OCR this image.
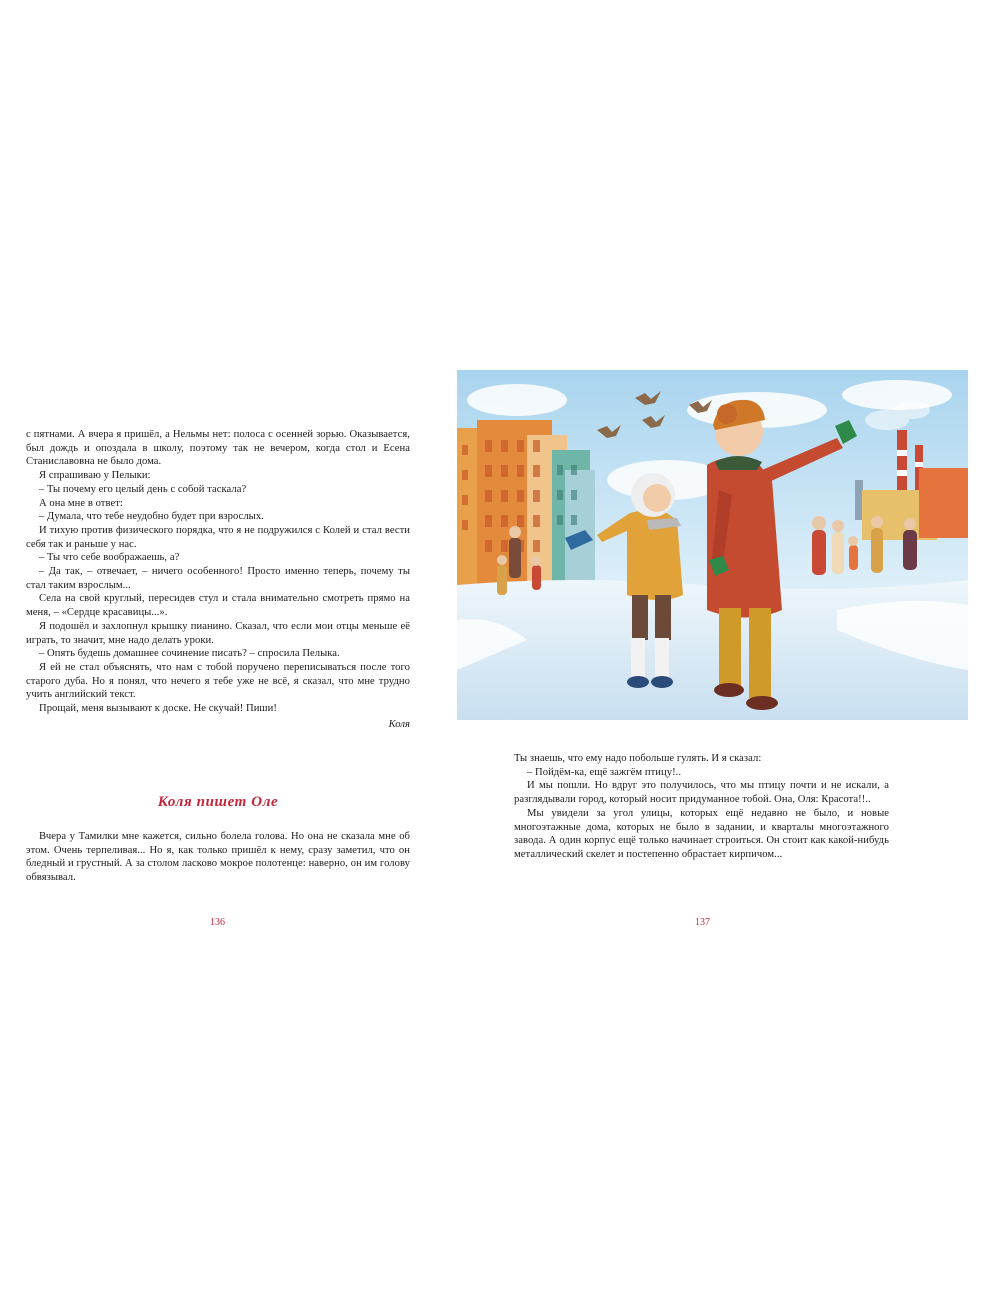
с пятнами. А вчера я пришёл, а Нельмы нет: полоса с осенней зорью. Оказывается, был дождь и опоздала в школу, поэтому так не вечером, когда стол и Есена Станиславовна не было дома.

Я спрашиваю у Пелыки:

– Ты почему его целый день с собой таскала?

А она мне в ответ:

– Думала, что тебе неудобно будет при взрослых.

И тихую против физического порядка, что я не подружился с Колей и стал вести себя так и раньше у нас.

– Ты что себе воображаешь, а?

– Да так, – отвечает, – ничего особенного! Просто именно теперь, почему ты стал таким взрослым...

Села на свой круглый, пересидев стул и стала внимательно смотреть прямо на меня, – «Сердце красавицы...».

Я подошёл и захлопнул крышку пианино. Сказал, что если мои отцы меньше её играть, то значит, мне надо делать уроки.

– Опять будешь домашнее сочинение писать? – спросила Пелыка.

Я ей не стал объяснять, что нам с тобой поручено переписываться после того старого дуба. Но я понял, что нечего я тебе уже не всё, я сказал, что мне трудно учить английский текст.

Прощай, меня вызывают к доске. Не скучай! Пиши!

Коля

Коля пишет Оле

Вчера у Тамилки мне кажется, сильно болела голова. Но она не сказала мне об этом. Очень терпеливая... Но я, как только пришёл к нему, сразу заметил, что он бледный и грустный. А за столом ласково мокрое полотенце: наверно, он им голову обвязывал.

136

Ты знаешь, что ему надо побольше гулять. И я сказал:

– Пойдём-ка, ещё зажгём птицу!..

И мы пошли. Но вдруг это получилось, что мы птицу почти и не искали, а разглядывали город, который носит придуманное тобой. Она, Оля: Красота!!..

Мы увидели за угол улицы, которых ещё недавно не было, и новые многоэтажные дома, которых не было в задании, и кварталы многоэтажного завода. А один корпус ещё только начинает строиться. Он стоит как какой-нибудь металлический скелет и постепенно обрастает кирпичом...

137
